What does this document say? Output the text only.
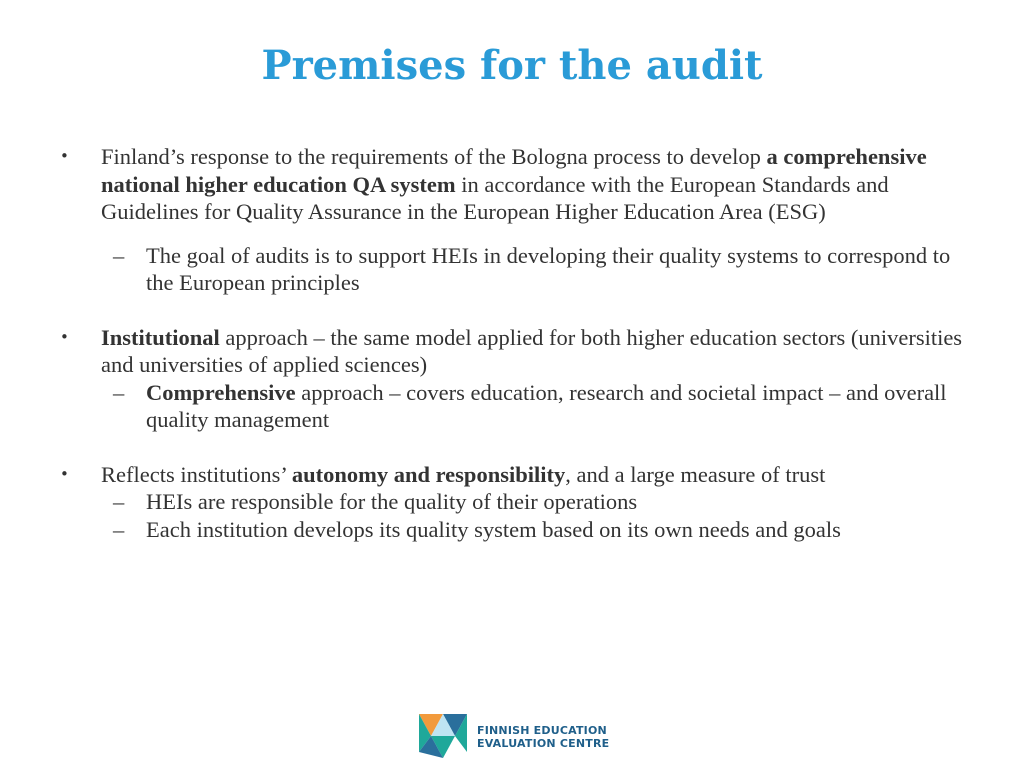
Premises for the audit
• Finland’s response to the requirements of the Bologna process to develop a comprehensive national higher education QA system in accordance with the European Standards and Guidelines for Quality Assurance in the European Higher Education Area (ESG)
– The goal of audits is to support HEIs in developing their quality systems to correspond to the European principles
• Institutional approach – the same model applied for both higher education sectors (universities and universities of applied sciences)
– Comprehensive approach – covers education, research and societal impact – and overall quality management
• Reflects institutions’ autonomy and responsibility, and a large measure of trust
– HEIs are responsible for the quality of their operations
– Each institution develops its quality system based on its own needs and goals
FINNISH EDUCATION
EVALUATION CENTRE
